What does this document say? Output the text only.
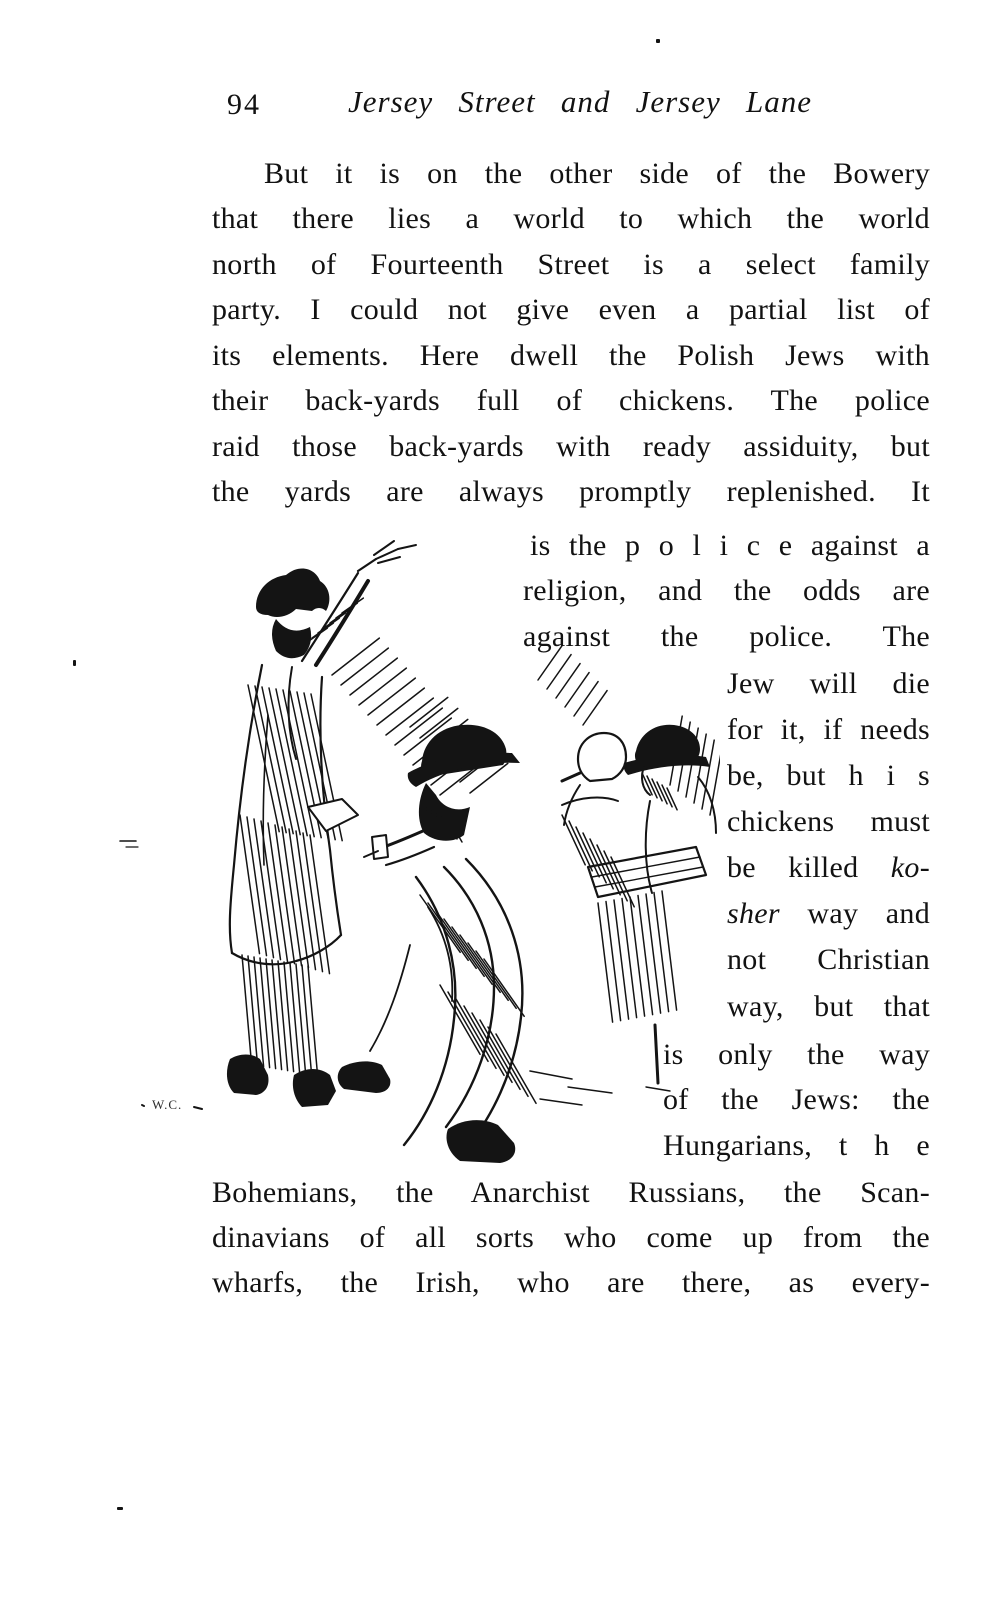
94	Jersey Street and Jersey Lane
But it is on the other side of the Bowery
that there lies a world to which the world
north of Fourteenth Street is a select family
party. I could not give even a partial list of
its elements. Here dwell the Polish Jews with
their back-yards full of chickens. The police
raid those back-yards with ready assiduity, but
the yards are always promptly replenished. It
is the p o l i c e against a
religion, and the odds are
against the police. The
Jew will die
for it, if needs
be, but h i s
chickens must
be killed ko-
sher way and
not Christian
way, but that
is only the way
of the Jews: the
Hungarians, t h e
Bohemians, the Anarchist Russians, the Scan-
dinavians of all sorts who come up from the
wharfs, the Irish, who are there, as every-
W.C.
